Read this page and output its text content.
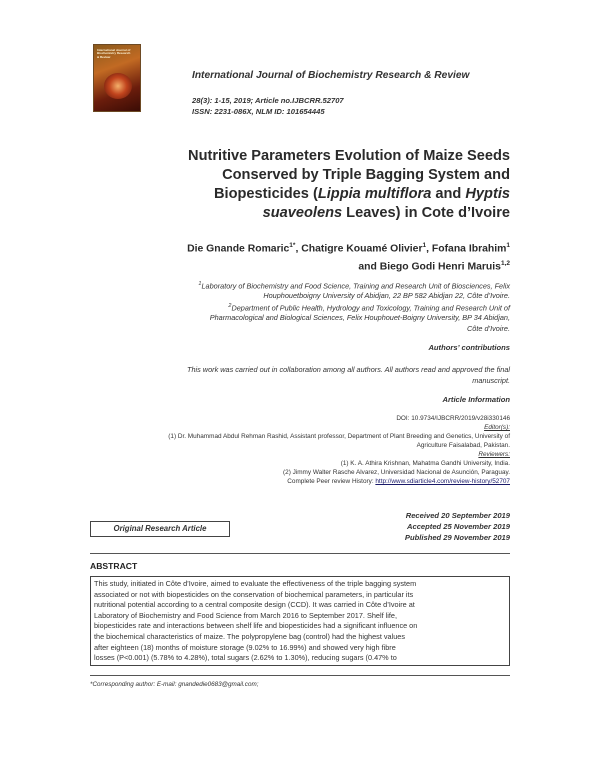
International Journal of
Biochemistry Research
& Review
International Journal of Biochemistry Research & Review
28(3): 1-15, 2019; Article no.IJBCRR.52707
ISSN: 2231-086X, NLM ID: 101654445
Nutritive Parameters Evolution of Maize Seeds
Conserved by Triple Bagging System and
Biopesticides (Lippia multiflora and Hyptis
suaveolens Leaves) in Cote d’Ivoire
Die Gnande Romaric$^{1*}$, Chatigre Kouamé Olivier$^1$, Fofana Ibrahim$^1$
and Biego Godi Henri Maruis$^{1,2}$
$^1$Laboratory of Biochemistry and Food Science, Training and Research Unit of Biosciences, Felix
Houphouetboigny University of Abidjan, 22 BP 582 Abidjan 22, Côte d’Ivoire.
$^2$Department of Public Health, Hydrology and Toxicology, Training and Research Unit of
Pharmacological and Biological Sciences, Felix Houphouet-Boigny University, BP 34 Abidjan,
Côte d’Ivoire.
Authors’ contributions
This work was carried out in collaboration among all authors. All authors read and approved the final
manuscript.
Article Information
DOI: 10.9734/IJBCRR/2019/v28i330146
Editor(s):
(1) Dr. Muhammad Abdul Rehman Rashid, Assistant professor, Department of Plant Breeding and Genetics, University of
Agriculture Faisalabad, Pakistan.
Reviewers:
(1) K. A. Athira Krishnan, Mahatma Gandhi University, India.
(2) Jimmy Walter Rasche Alvarez, Universidad Nacional de Asunción, Paraguay.
Complete Peer review History: http://www.sdiarticle4.com/review-history/52707
Received 20 September 2019
Original Research Article	Accepted 25 November 2019
Published 29 November 2019
ABSTRACT
This study, initiated in Côte d’Ivoire, aimed to evaluate the effectiveness of the triple bagging system
associated or not with biopesticides on the conservation of biochemical parameters, in particular its
nutritional potential according to a central composite design (CCD). It was carried in Côte d’Ivoire at
Laboratory of Biochemistry and Food Science from March 2016 to September 2017. Shelf life,
biopesticides rate and interactions between shelf life and biopesticides had a significant influence on
the biochemical characteristics of maize. The polypropylene bag (control) had the highest values
after eighteen (18) months of moisture storage (9.02% to 16.99%) and showed very high fibre
losses (P<0.001) (5.78% to 4.28%), total sugars (2.62% to 1.30%), reducing sugars (0.47% to
*Corresponding author: E-mail: gnandedie0683@gmail.com;
